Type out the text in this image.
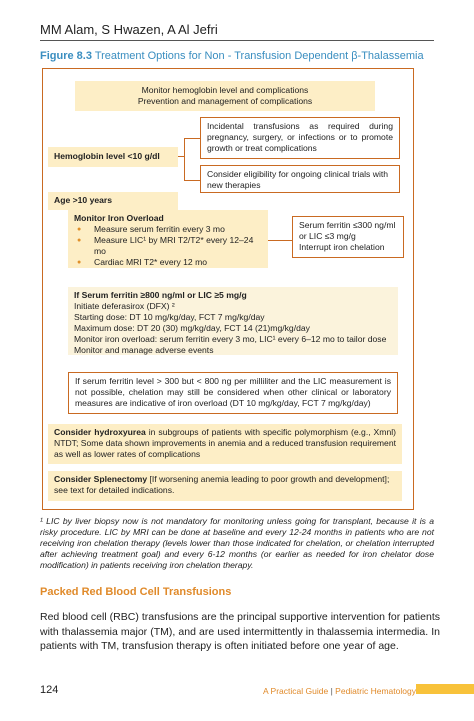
MM Alam, S Hwazen, A Al Jefri
Figure 8.3 Treatment Options for Non - Transfusion Dependent β-Thalassemia
Monitor hemoglobin level and complications
Prevention and management of complications
Incidental transfusions as required during pregnancy, surgery, or infections or to promote growth or treat complications
Hemoglobin level <10 g/dl
Consider eligibility for ongoing clinical trials with new therapies
Age >10 years
Monitor Iron Overload
● Measure serum ferritin every 3 mo
● Measure LIC¹ by MRI T2/T2* every 12–24 mo
● Cardiac MRI T2* every 12 mo
Serum ferritin ≤300 ng/ml
or LIC ≤3 mg/g
Interrupt iron chelation
If Serum ferritin ≥800 ng/ml or LIC ≥5 mg/g
Initiate deferasirox (DFX) ²
Starting dose: DT 10 mg/kg/day, FCT 7 mg/kg/day
Maximum dose: DT 20 (30) mg/kg/day, FCT 14 (21)mg/kg/day
Monitor iron overload: serum ferritin every 3 mo, LIC¹ every 6–12 mo to tailor dose
Monitor and manage adverse events
If serum ferritin level > 300 but < 800 ng per milliliter and the LIC measurement is not possible, chelation may still be considered when other clinical or laboratory measures are indicative of iron overload (DT 10 mg/kg/day, FCT 7 mg/kg/day)
Consider hydroxyurea in subgroups of patients with specific polymorphism (e.g., Xmnl) NTDT; Some data shown improvements in anemia and a reduced transfusion requirement as well as lower rates of complications
Consider Splenectomy [If worsening anemia leading to poor growth and development]; see text for detailed indications.
¹ LIC by liver biopsy now is not mandatory for monitoring unless going for transplant, because it is a risky procedure. LIC by MRI can be done at baseline and every 12-24 months in patients who are not receiving iron chelation therapy (levels lower than those indicated for chelation, or chelation interrupted after achieving treatment goal) and every 6-12 months (or earlier as needed for iron chelator dose modification) in patients receiving iron chelation therapy.
Packed Red Blood Cell Transfusions
Red blood cell (RBC) transfusions are the principal supportive intervention for patients with thalassemia major (TM), and are used intermittently in thalassemia intermedia. In patients with TM, transfusion therapy is often initiated before one year of age.
124	A Practical Guide | Pediatric Hematology
